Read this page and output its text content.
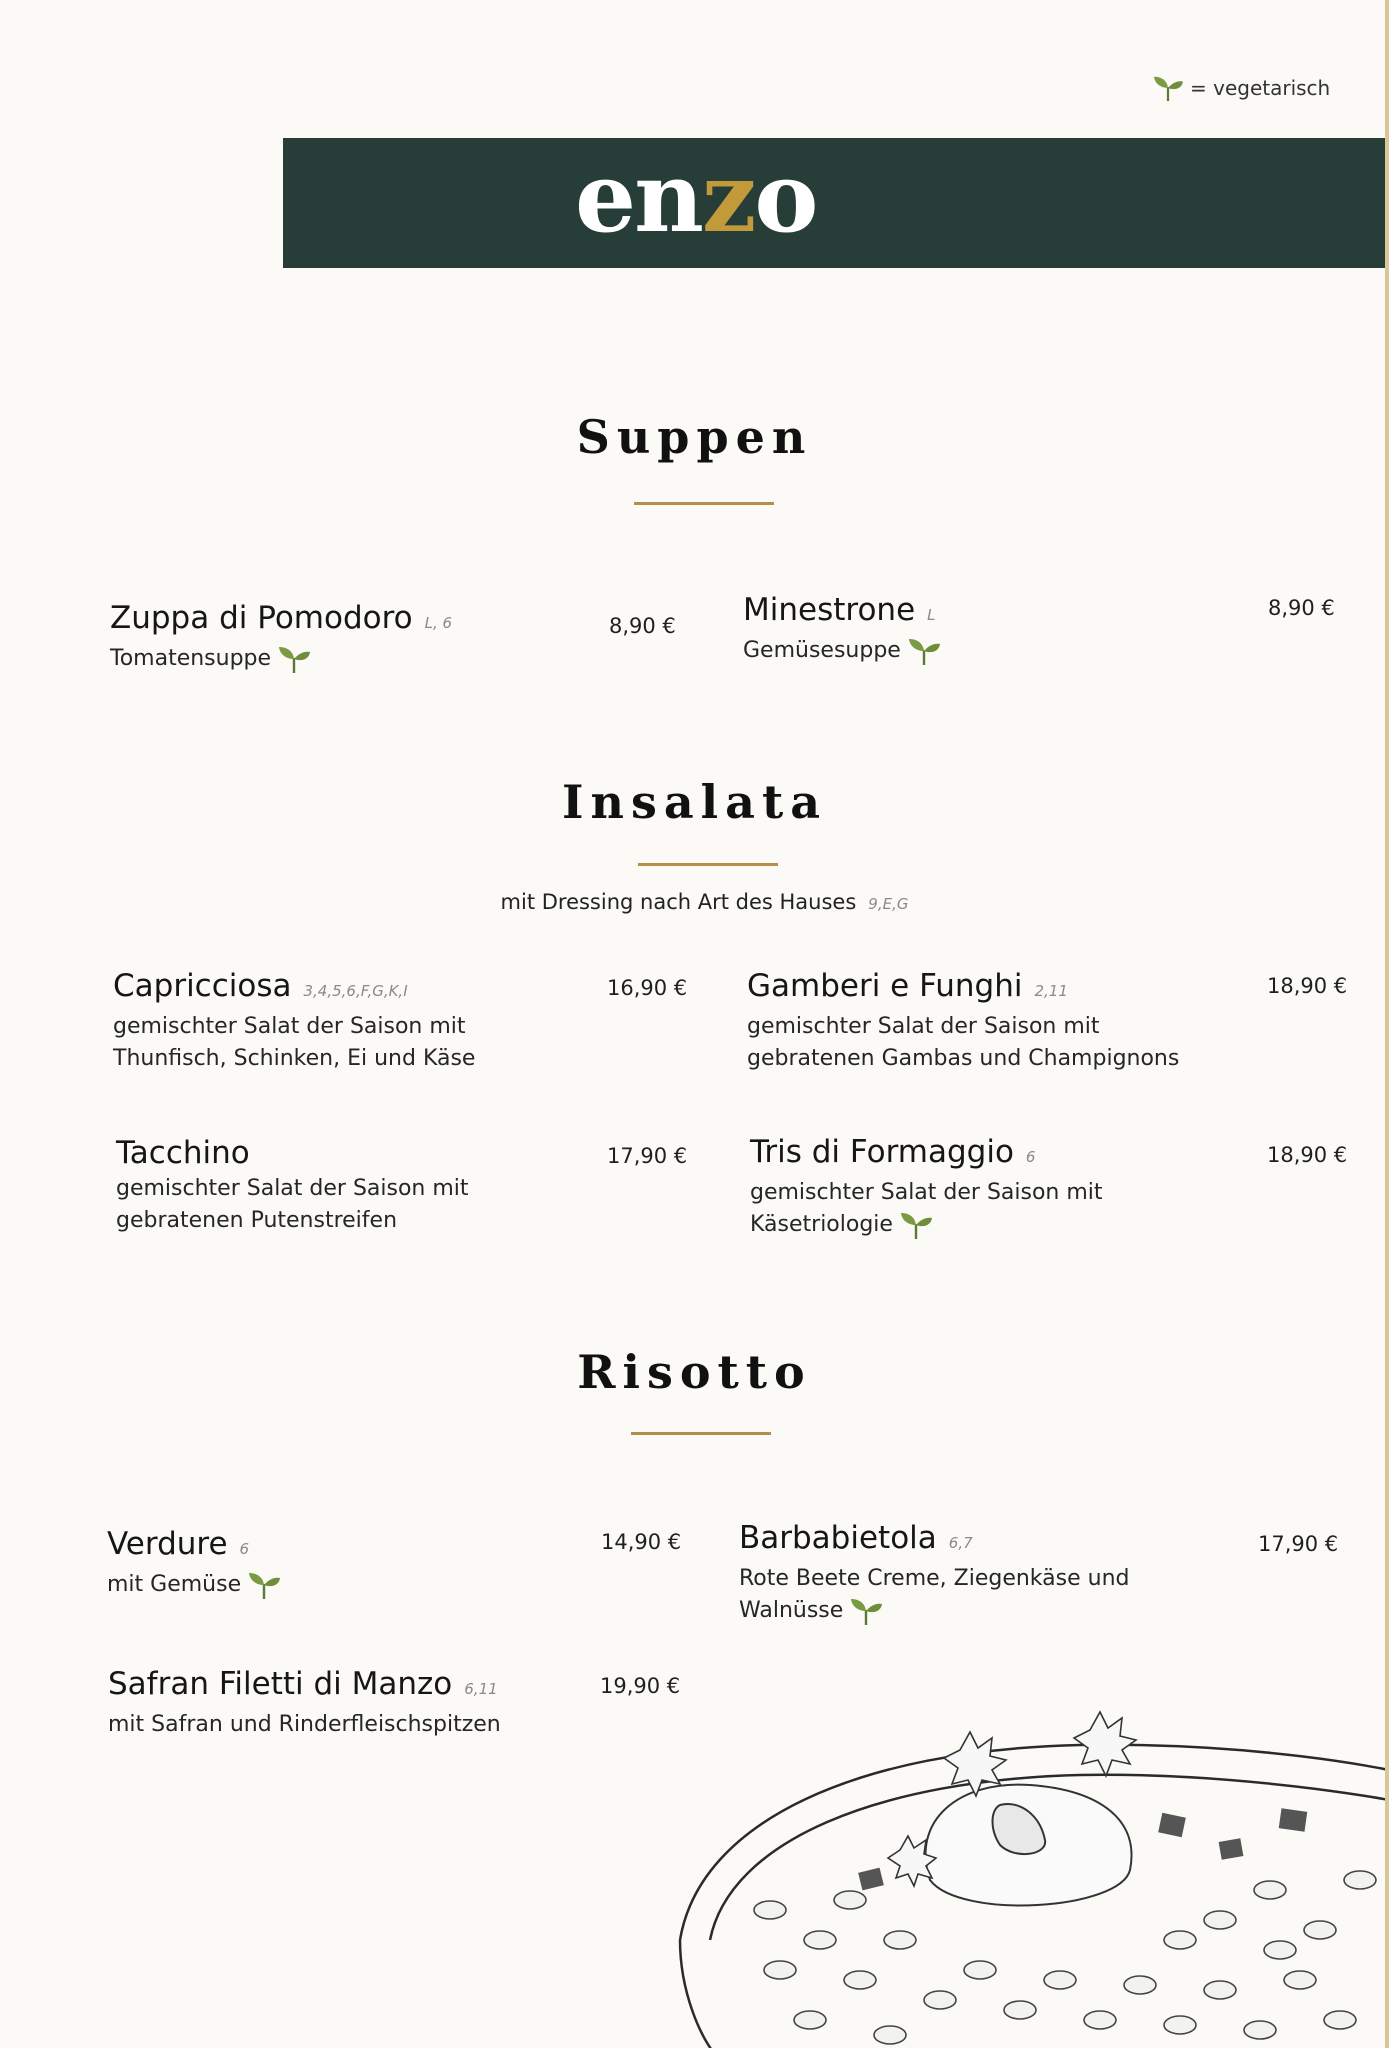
= vegetarisch
enzo
Suppen
Zuppa di Pomodoro L, 6
Tomatensuppe
8,90 € Minestrone L
Gemüsesuppe
8,90 €
Insalata
mit Dressing nach Art des Hauses 9,E,G
Capricciosa 3,4,5,6,F,G,K,I
gemischter Salat der Saison mit
Thunfisch, Schinken, Ei und Käse
16,90 € Gamberi e Funghi 2,11
gemischter Salat der Saison mit
gebratenen Gambas und Champignons
18,90 €
Tacchino
gemischter Salat der Saison mit
gebratenen Putenstreifen
17,90 € Tris di Formaggio 6
gemischter Salat der Saison mit
Käsetriologie
18,90 €
Risotto
Verdure 6
mit Gemüse
14,90 € Barbabietola 6,7
Rote Beete Creme, Ziegenkäse und
Walnüsse
17,90 €
Safran Filetti di Manzo 6,11
mit Safran und Rinderfleischspitzen
19,90 €
